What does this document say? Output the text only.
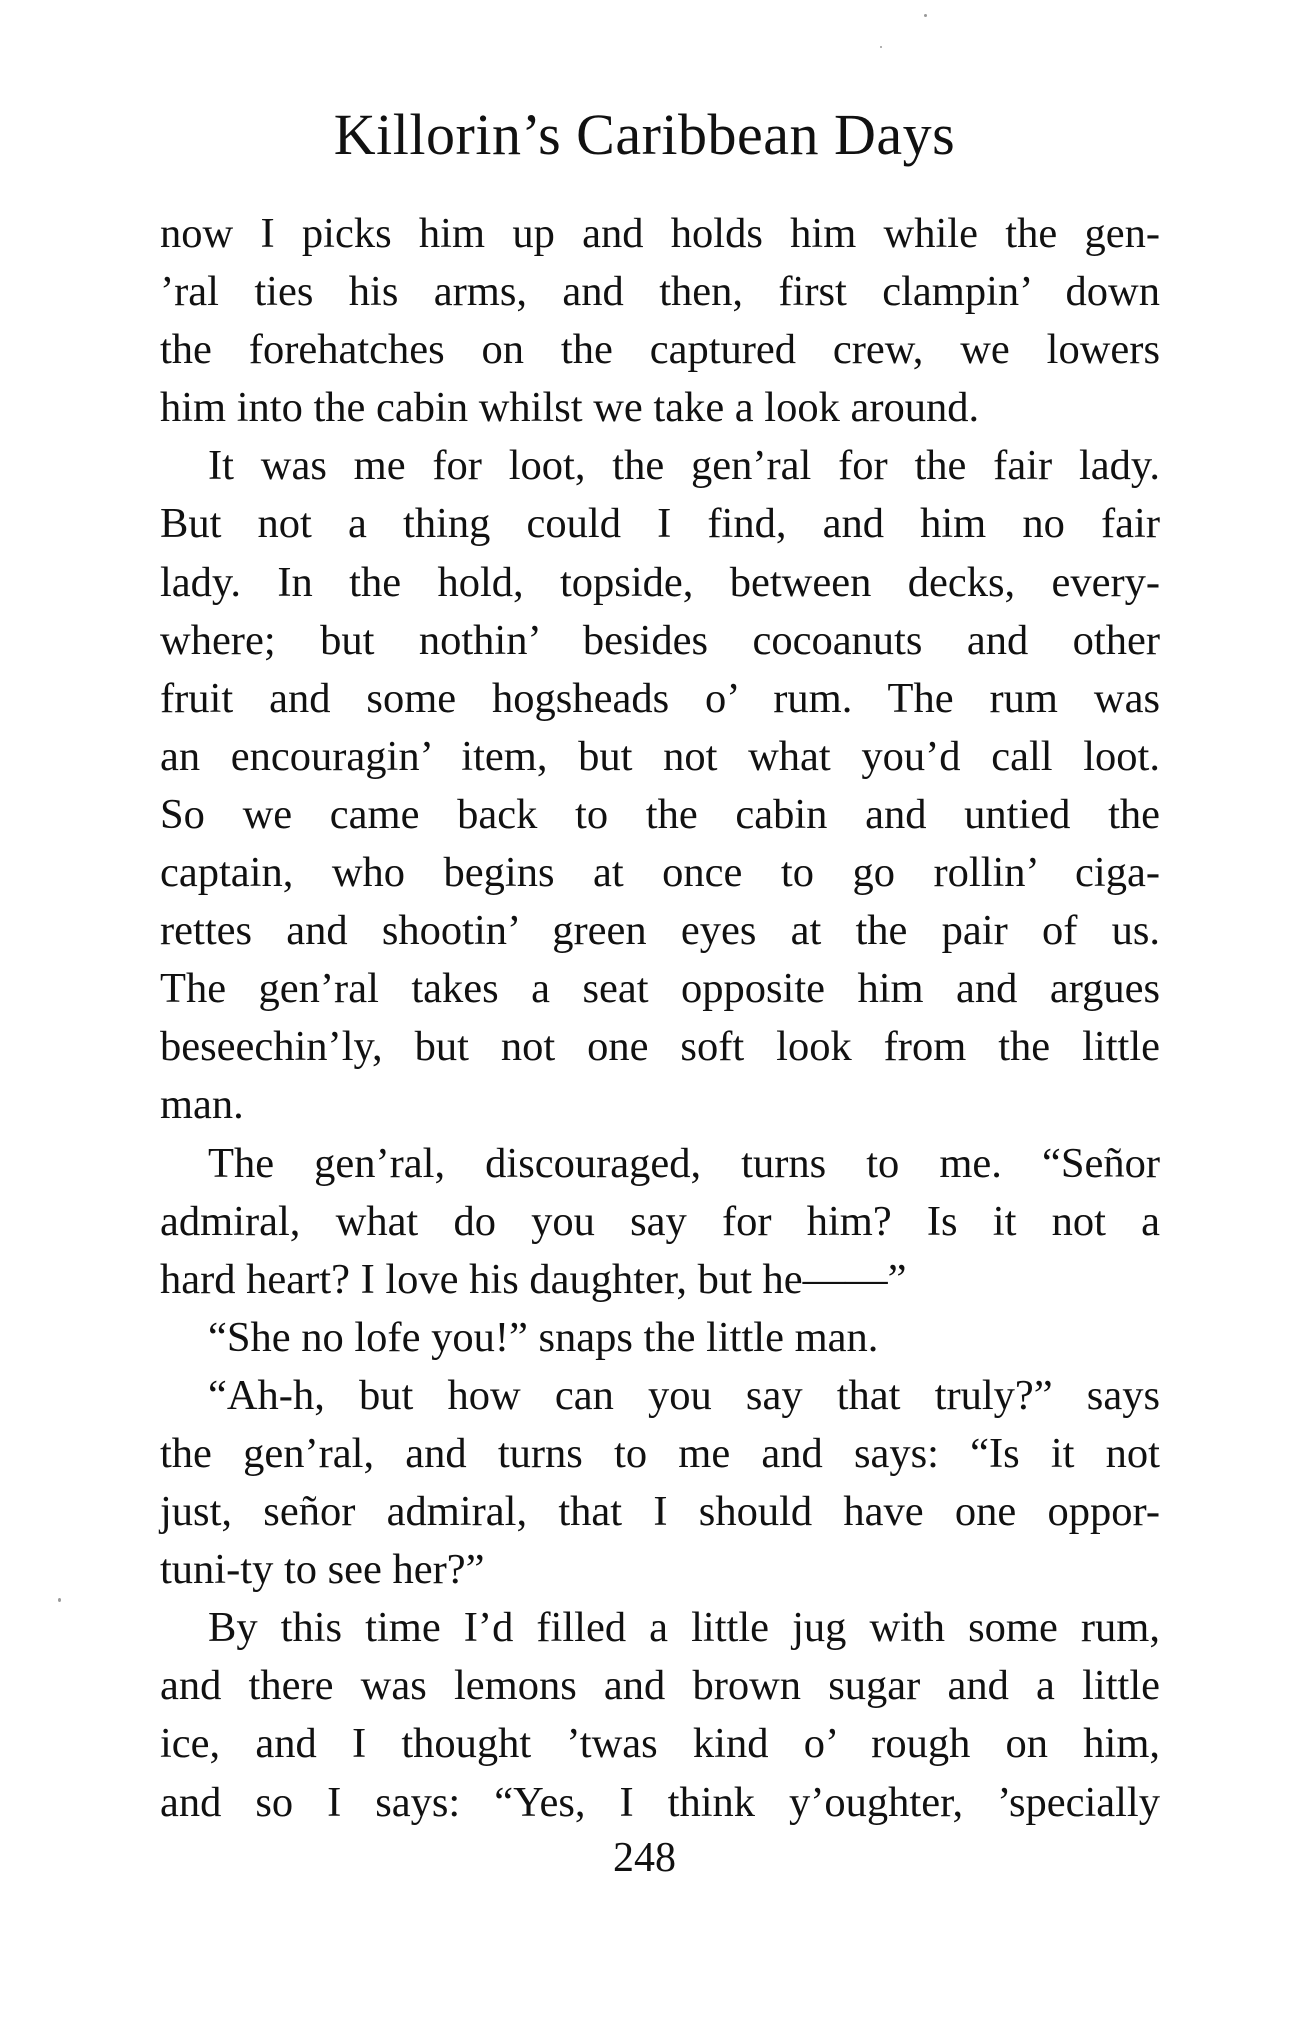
Killorin’s Caribbean Days
now I picks him up and holds him while the gen-
’ral ties his arms, and then, first clampin’ down
the forehatches on the captured crew, we lowers
him into the cabin whilst we take a look around.
It was me for loot, the gen’ral for the fair lady.
But not a thing could I find, and him no fair
lady. In the hold, topside, between decks, every-
where; but nothin’ besides cocoanuts and other
fruit and some hogsheads o’ rum. The rum was
an encouragin’ item, but not what you’d call loot.
So we came back to the cabin and untied the
captain, who begins at once to go rollin’ ciga-
rettes and shootin’ green eyes at the pair of us.
The gen’ral takes a seat opposite him and argues
beseechin’ly, but not one soft look from the little
man.
The gen’ral, discouraged, turns to me. “Señor
admiral, what do you say for him? Is it not a
hard heart? I love his daughter, but he——”
“She no lofe you!” snaps the little man.
“Ah-h, but how can you say that truly?” says
the gen’ral, and turns to me and says: “Is it not
just, señor admiral, that I should have one oppor-
tuni-ty to see her?”
By this time I’d filled a little jug with some rum,
and there was lemons and brown sugar and a little
ice, and I thought ’twas kind o’ rough on him,
and so I says: “Yes, I think y’oughter, ’specially
248
